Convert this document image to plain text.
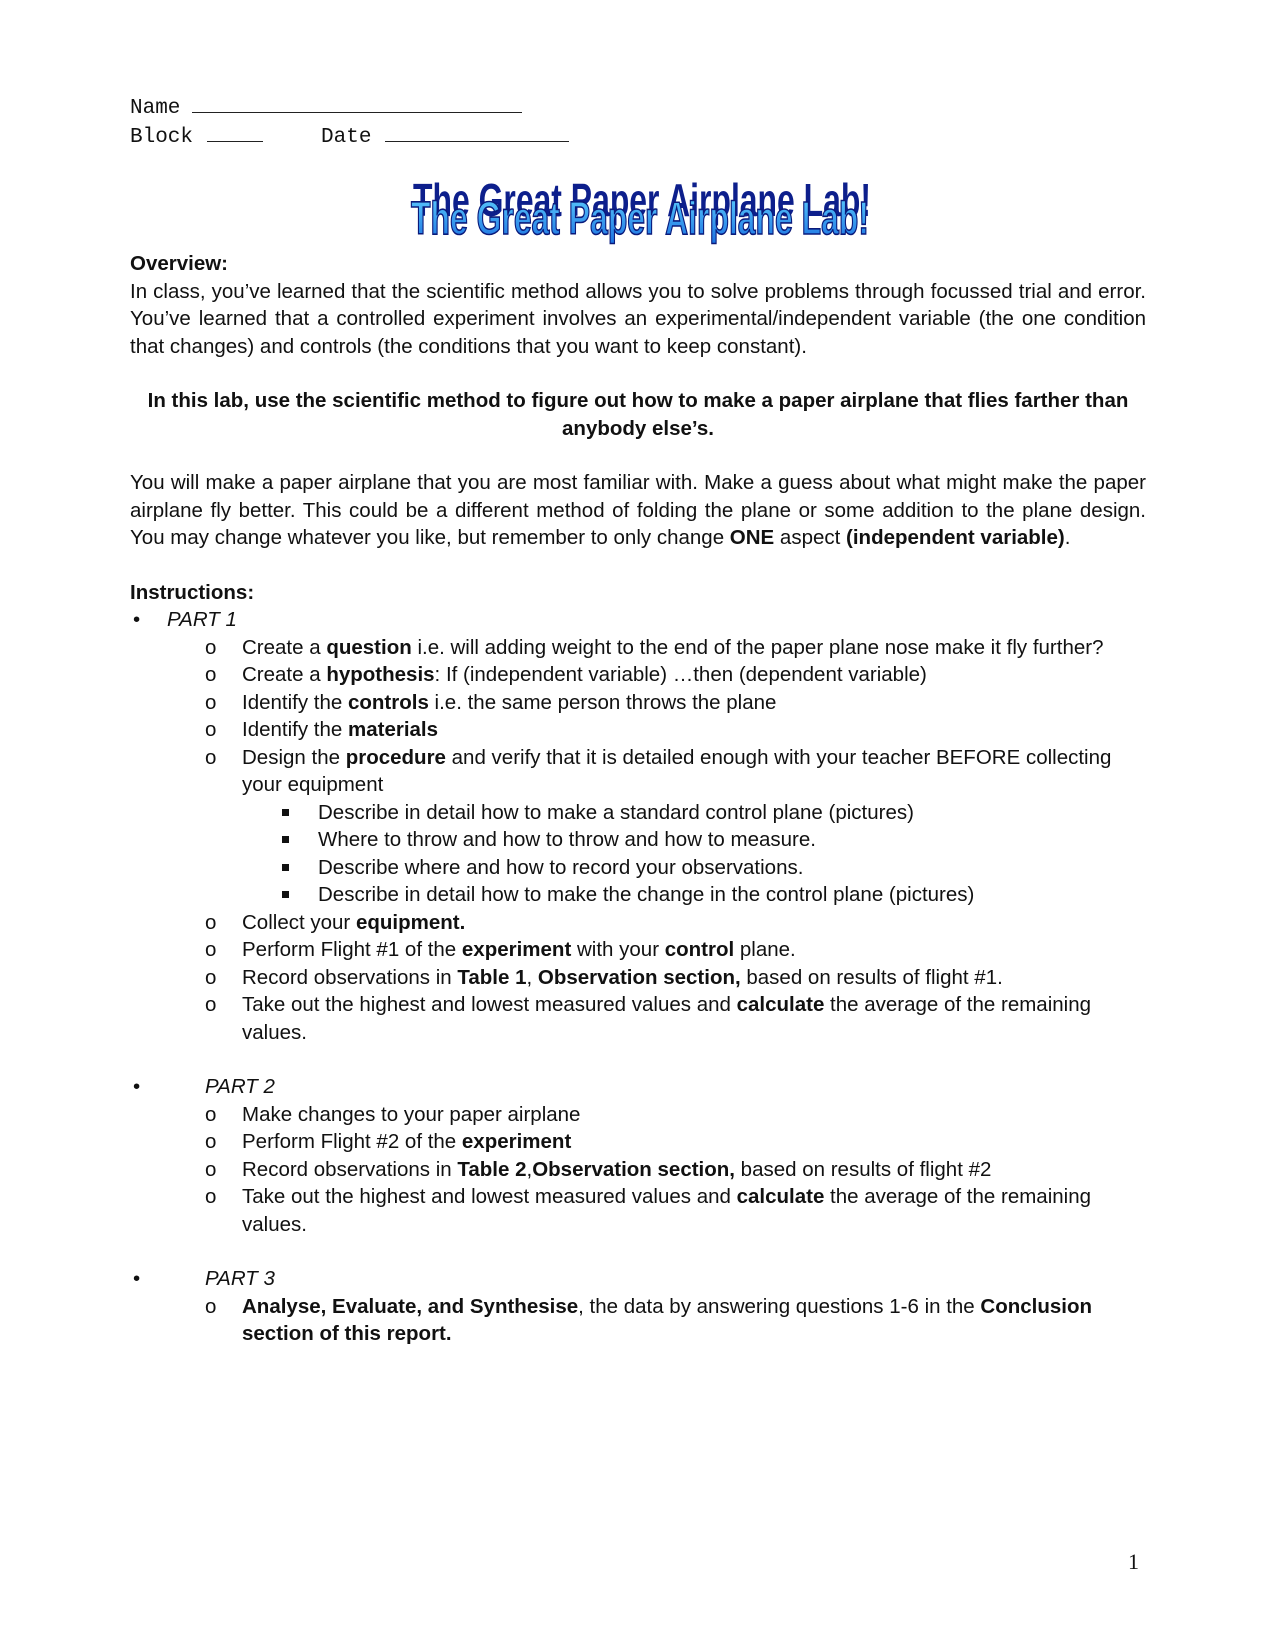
Name
Block	Date
The Great Paper Airplane Lab!
The Great Paper Airplane Lab!

Overview:

In class, you’ve learned that the scientific method allows you to solve problems through focussed trial and error. You’ve learned that a controlled experiment involves an experimental/independent variable (the one condition that changes) and controls (the conditions that you want to keep constant).

In this lab, use the scientific method to figure out how to make a paper airplane that flies farther than anybody else’s.

You will make a paper airplane that you are most familiar with. Make a guess about what might make the paper airplane fly better. This could be a different method of folding the plane or some addition to the plane design. You may change whatever you like, but remember to only change ONE aspect (independent variable).

Instructions:

• PART 1
o Create a question i.e. will adding weight to the end of the paper plane nose make it fly further?
o Create a hypothesis: If (independent variable) …then (dependent variable)
o Identify the controls i.e. the same person throws the plane
o Identify the materials
o Design the procedure and verify that it is detailed enough with your teacher BEFORE collecting your equipment
Describe in detail how to make a standard control plane (pictures)
Where to throw and how to throw and how to measure.
Describe where and how to record your observations.
Describe in detail how to make the change in the control plane (pictures)
o Collect your equipment.
o Perform Flight #1 of the experiment with your control plane.
o Record observations in Table 1, Observation section, based on results of flight #1.
o Take out the highest and lowest measured values and calculate the average of the remaining values.
•	PART 2
o Make changes to your paper airplane
o Perform Flight #2 of the experiment
o Record observations in Table 2,Observation section, based on results of flight #2
o Take out the highest and lowest measured values and calculate the average of the remaining values.
•	PART 3
o Analyse, Evaluate, and Synthesise, the data by answering questions 1-6 in the Conclusion section of this report.
1
